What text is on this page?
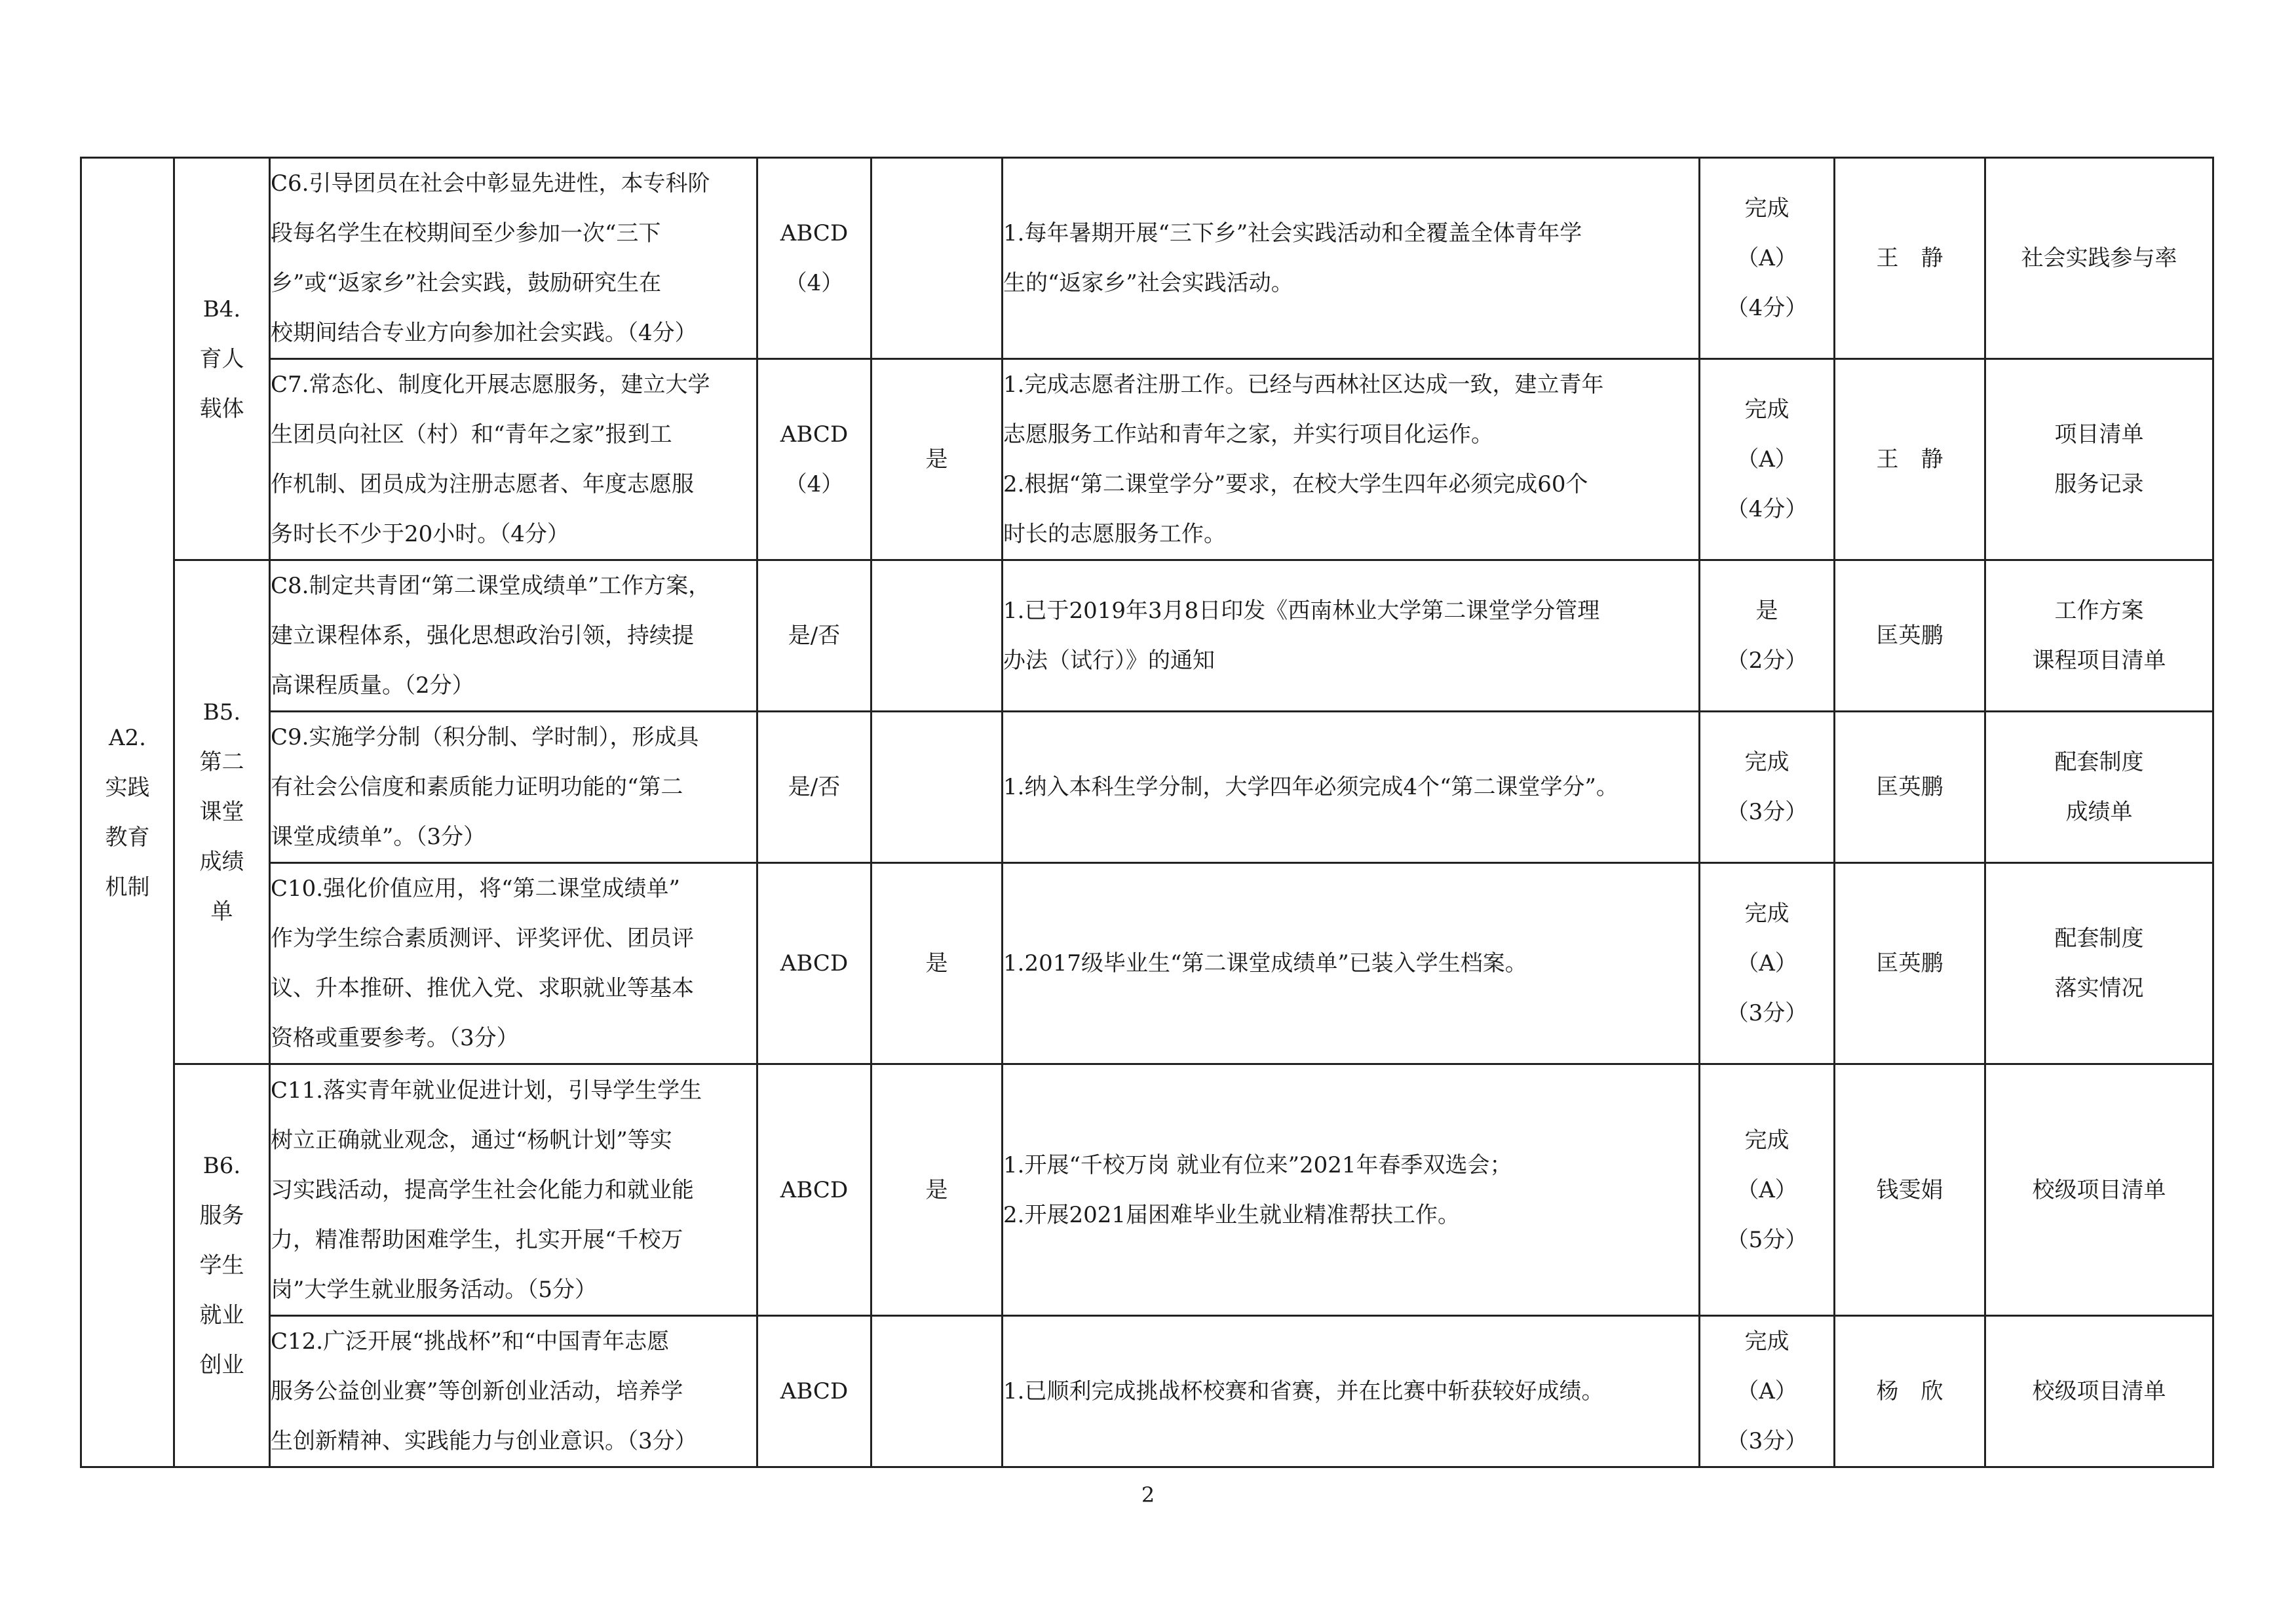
A2.
实践
教育
机制	B4.
育人
载体	C6.引导团员在社会中彰显先进性，本专科阶
段每名学生在校期间至少参加一次“三下
乡”或“返家乡”社会实践，鼓励研究生在
校期间结合专业方向参加社会实践。（4分）	ABCD
（4）		1.每年暑期开展“三下乡”社会实践活动和全覆盖全体青年学
生的“返家乡”社会实践活动。	完成
（A）
（4分）	王　静	社会实践参与率

		C7.常态化、制度化开展志愿服务，建立大学
生团员向社区（村）和“青年之家”报到工
作机制、团员成为注册志愿者、年度志愿服
务时长不少于20小时。（4分）	ABCD
（4）	是	1.完成志愿者注册工作。已经与西林社区达成一致，建立青年
志愿服务工作站和青年之家，并实行项目化运作。
2.根据“第二课堂学分”要求，在校大学生四年必须完成60个
时长的志愿服务工作。	完成
（A）
（4分）	王　静	项目清单
服务记录

	B5.
第二
课堂
成绩
单	C8.制定共青团“第二课堂成绩单”工作方案，
建立课程体系，强化思想政治引领，持续提
高课程质量。（2分）	是/否		1.已于2019年3月8日印发《西南林业大学第二课堂学分管理
办法（试行）》的通知	是
（2分）	匡英鹏	工作方案
课程项目清单

		C9.实施学分制（积分制、学时制），形成具
有社会公信度和素质能力证明功能的“第二
课堂成绩单”。（3分）	是/否		1.纳入本科生学分制，大学四年必须完成4个“第二课堂学分”。	完成
（3分）	匡英鹏	配套制度
成绩单

		C10.强化价值应用，将“第二课堂成绩单”
作为学生综合素质测评、评奖评优、团员评
议、升本推研、推优入党、求职就业等基本
资格或重要参考。（3分）	ABCD	是	1.2017级毕业生“第二课堂成绩单”已装入学生档案。	完成
（A）
（3分）	匡英鹏	配套制度
落实情况

	B6.
服务
学生
就业
创业	C11.落实青年就业促进计划，引导学生学生
树立正确就业观念，通过“杨帆计划”等实
习实践活动，提高学生社会化能力和就业能
力，精准帮助困难学生，扎实开展“千校万
岗”大学生就业服务活动。（5分）	ABCD	是	1.开展“千校万岗 就业有位来”2021年春季双选会；
2.开展2021届困难毕业生就业精准帮扶工作。	完成
（A）
（5分）	钱雯娟	校级项目清单

		C12.广泛开展“挑战杯”和“中国青年志愿
服务公益创业赛”等创新创业活动，培养学
生创新精神、实践能力与创业意识。（3分）	ABCD		1.已顺利完成挑战杯校赛和省赛，并在比赛中斩获较好成绩。	完成
（A）
（3分）	杨　欣	校级项目清单
2
